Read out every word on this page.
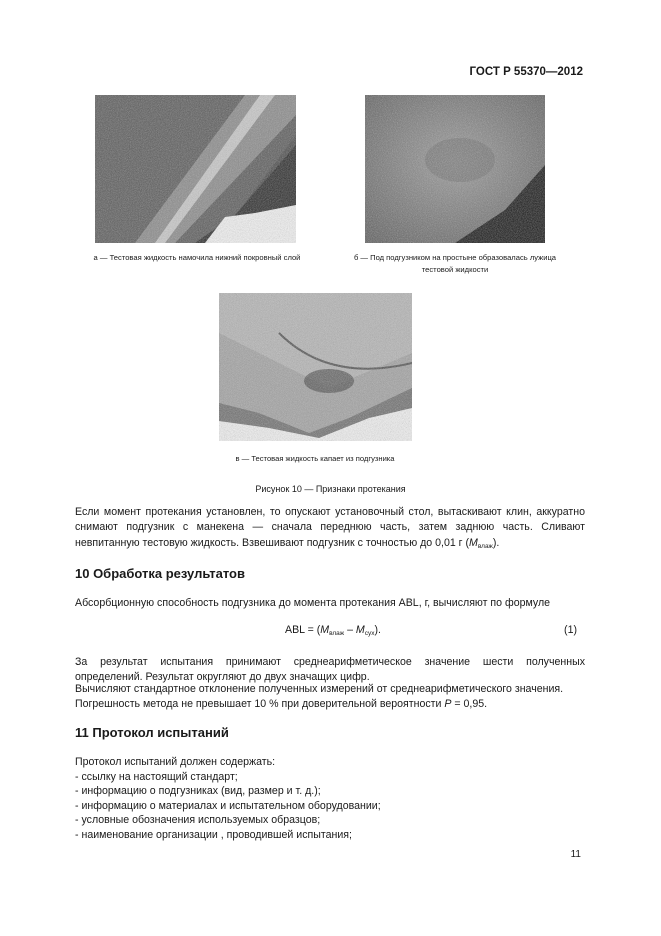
ГОСТ Р 55370—2012
а — Тестовая жидкость намочила нижний покровный слой	б — Под подгузником на простыне образовалась лужица
тестовой жидкости
в — Тестовая жидкость капает из подгузника
Рисунок 10 — Признаки протекания
Если момент протекания установлен, то опускают установочный стол, вытаскивают клин, аккуратно снимают подгузник с манекена — сначала переднюю часть, затем заднюю часть. Сливают невпитанную тестовую жидкость. Взвешивают подгузник с точностью до 0,01 г $(M_{влаж})$.
10 Обработка результатов
Абсорбционную способность подгузника до момента протекания ABL, г, вычисляют по формуле
ABL = $(M_{влаж} - M_{сух})$.	(1)
За результат испытания принимают среднеарифметическое значение шести полученных определений. Результат округляют до двух значащих цифр.
Вычисляют стандартное отклонение полученных измерений от среднеарифметического значения.
Погрешность метода не превышает 10 % при доверительной вероятности P = 0,95.
11 Протокол испытаний
Протокол испытаний должен содержать:
- ссылку на настоящий стандарт;
- информацию о подгузниках (вид, размер и т. д.);
- информацию о материалах и испытательном оборудовании;
- условные обозначения используемых образцов;
- наименование организации , проводившей испытания;
11
